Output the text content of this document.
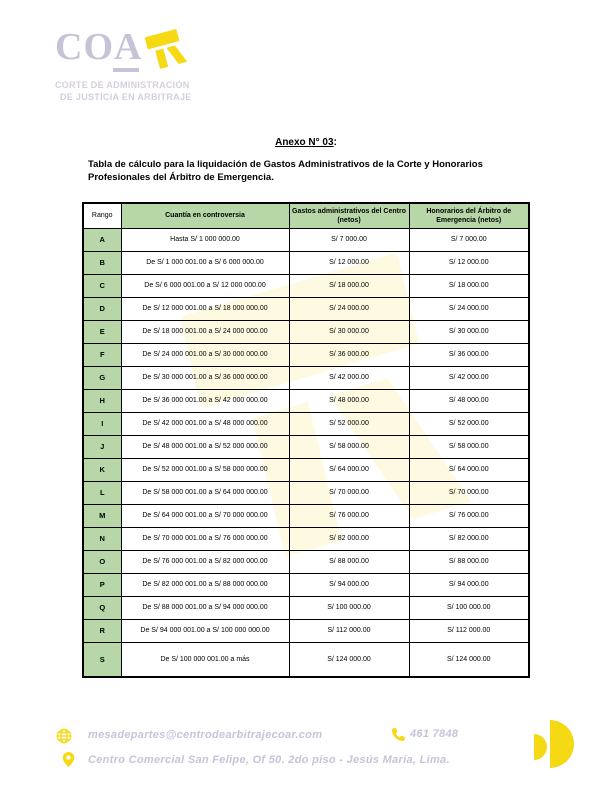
COA
CORTE DE ADMINISTRACIÓN
DE JUSTICIA EN ARBITRAJE
Anexo N° 03:

Tabla de cálculo para la liquidación de Gastos Administrativos de la Corte y Honorarios Profesionales del Árbitro de Emergencia.

Rango	Cuantía en controversia	Gastos administrativos del Centro (netos)	Honorarios del Árbitro de Emergencia (netos)
A	Hasta S/ 1 000 000.00	S/ 7 000.00	S/ 7 000.00
B	De S/ 1 000 001.00 a S/ 6 000 000.00	S/ 12 000.00	S/ 12 000.00
C	De S/ 6 000 001.00 a S/ 12 000 000.00	S/ 18 000.00	S/ 18 000.00
D	De S/ 12 000 001.00 a S/ 18 000 000.00	S/ 24 000.00	S/ 24 000.00
E	De S/ 18 000 001.00 a S/ 24 000 000.00	S/ 30 000.00	S/ 30 000.00
F	De S/ 24 000 001.00 a S/ 30 000 000.00	S/ 36 000.00	S/ 36 000.00
G	De S/ 30 000 001.00 a S/ 36 000 000.00	S/ 42 000.00	S/ 42 000.00
H	De S/ 36 000 001.00 a S/ 42 000 000.00	S/ 48 000.00	S/ 48 000.00
I	De S/ 42 000 001.00 a S/ 48 000 000.00	S/ 52 000.00	S/ 52 000.00
J	De S/ 48 000 001.00 a S/ 52 000 000.00	S/ 58 000.00	S/ 58 000.00
K	De S/ 52 000 001.00 a S/ 58 000 000.00	S/ 64 000.00	S/ 64 000.00
L	De S/ 58 000 001.00 a S/ 64 000 000.00	S/ 70 000.00	S/ 70 000.00
M	De S/ 64 000 001.00 a S/ 70 000 000.00	S/ 76 000.00	S/ 76 000.00
N	De S/ 70 000 001.00 a S/ 76 000 000.00	S/ 82 000.00	S/ 82 000.00
O	De S/ 76 000 001.00 a S/ 82 000 000.00	S/ 88 000.00	S/ 88 000.00
P	De S/ 82 000 001.00 a S/ 88 000 000.00	S/ 94 000.00	S/ 94 000.00
Q	De S/ 88 000 001.00 a S/ 94 000 000.00	S/ 100 000.00	S/ 100 000.00
R	De S/ 94 000 001.00 a S/ 100 000 000.00	S/ 112 000.00	S/ 112 000.00
S	De S/ 100 000 001.00 a más	S/ 124 000.00	S/ 124 000.00
mesadepartes@centrodearbitrajecoar.com	461 7848
Centro Comercial San Felipe, Of 50. 2do piso - Jesús María, Lima.
